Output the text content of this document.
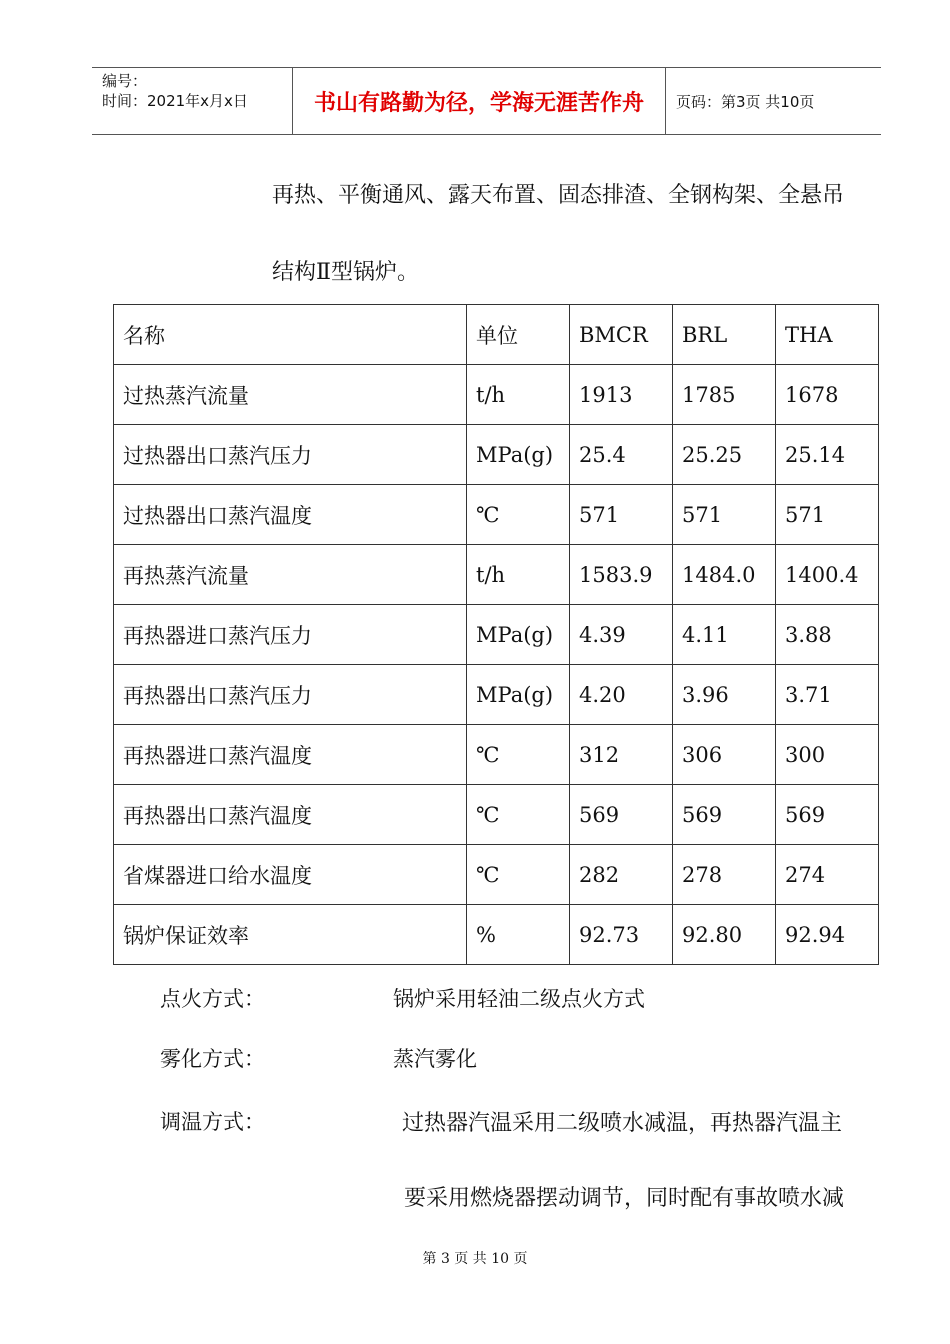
编号：
时间：2021年x月x日	书山有路勤为径，学海无涯苦作舟	页码：第3页 共10页
再热、平衡通风、露天布置、固态排渣、全钢构架、全悬吊
结构Ⅱ型锅炉。
名称	单位	BMCR	BRL	THA
过热蒸汽流量	t/h	1913	1785	1678
过热器出口蒸汽压力	MPa(g)	25.4	25.25	25.14
过热器出口蒸汽温度	℃	571	571	571
再热蒸汽流量	t/h	1583.9	1484.0	1400.4
再热器进口蒸汽压力	MPa(g)	4.39	4.11	3.88
再热器出口蒸汽压力	MPa(g)	4.20	3.96	3.71
再热器进口蒸汽温度	℃	312	306	300
再热器出口蒸汽温度	℃	569	569	569
省煤器进口给水温度	℃	282	278	274
锅炉保证效率	%	92.73	92.80	92.94
点火方式：	锅炉采用轻油二级点火方式
雾化方式：	蒸汽雾化
调温方式：	过热器汽温采用二级喷水减温，再热器汽温主
要采用燃烧器摆动调节，同时配有事故喷水减
第 3 页 共 10 页
